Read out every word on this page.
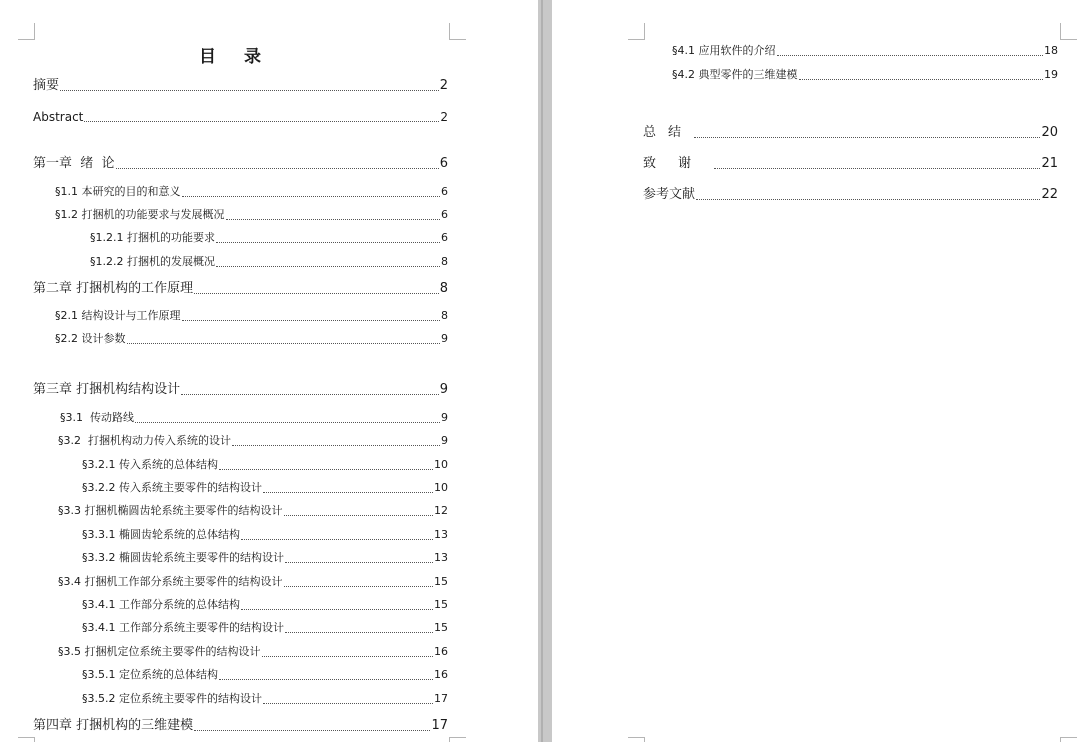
目录
摘要	2
Abstract	2
第一章  绪  论	6
§1.1 本研究的目的和意义	6
§1.2 打捆机的功能要求与发展概况	6
§1.2.1 打捆机的功能要求	6
§1.2.2 打捆机的发展概况	8
第二章 打捆机构的工作原理	8
§2.1 结构设计与工作原理	8
§2.2 设计参数	9
第三章 打捆机构结构设计	9
§3.1  传动路线	9
§3.2  打捆机构动力传入系统的设计	9
§3.2.1 传入系统的总体结构	10
§3.2.2 传入系统主要零件的结构设计	10
§3.3 打捆机椭圆齿轮系统主要零件的结构设计	12
§3.3.1 椭圆齿轮系统的总体结构	13
§3.3.2 椭圆齿轮系统主要零件的结构设计	13
§3.4 打捆机工作部分系统主要零件的结构设计	15
§3.4.1 工作部分系统的总体结构	15
§3.4.1 工作部分系统主要零件的结构设计	15
§3.5 打捆机定位系统主要零件的结构设计	16
§3.5.1 定位系统的总体结构	16
§3.5.2 定位系统主要零件的结构设计	17
第四章 打捆机构的三维建模	17
§4.1 应用软件的介绍	18
§4.2 典型零件的三维建模	19
总结	20
致谢	21
参考文献	22
